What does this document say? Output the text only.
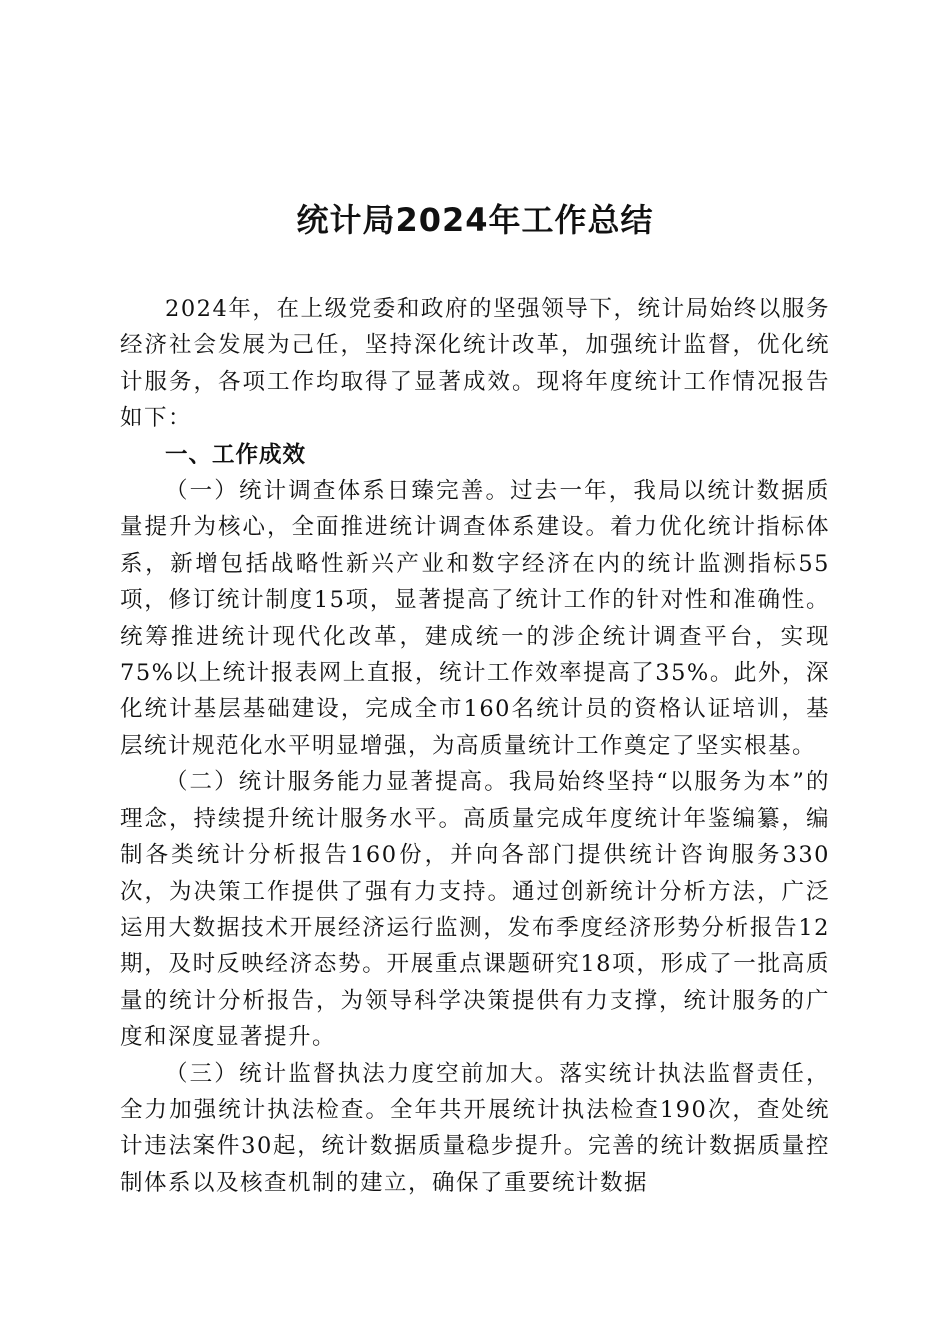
统计局2024年工作总结

2024年，在上级党委和政府的坚强领导下，统计局始终以服务经济社会发展为己任，坚持深化统计改革，加强统计监督，优化统计服务，各项工作均取得了显著成效。现将年度统计工作情况报告如下：

一、工作成效

（一）统计调查体系日臻完善。过去一年，我局以统计数据质量提升为核心，全面推进统计调查体系建设。着力优化统计指标体系，新增包括战略性新兴产业和数字经济在内的统计监测指标55项，修订统计制度15项，显著提高了统计工作的针对性和准确性。统筹推进统计现代化改革，建成统一的涉企统计调查平台，实现75%以上统计报表网上直报，统计工作效率提高了35%。此外，深化统计基层基础建设，完成全市160名统计员的资格认证培训，基层统计规范化水平明显增强，为高质量统计工作奠定了坚实根基。

（二）统计服务能力显著提高。我局始终坚持“以服务为本”的理念，持续提升统计服务水平。高质量完成年度统计年鉴编纂，编制各类统计分析报告160份，并向各部门提供统计咨询服务330次，为决策工作提供了强有力支持。通过创新统计分析方法，广泛运用大数据技术开展经济运行监测，发布季度经济形势分析报告12期，及时反映经济态势。开展重点课题研究18项，形成了一批高质量的统计分析报告，为领导科学决策提供有力支撑，统计服务的广度和深度显著提升。

（三）统计监督执法力度空前加大。落实统计执法监督责任，全力加强统计执法检查。全年共开展统计执法检查190次，查处统计违法案件30起，统计数据质量稳步提升。完善的统计数据质量控制体系以及核查机制的建立，确保了重要统计数据
